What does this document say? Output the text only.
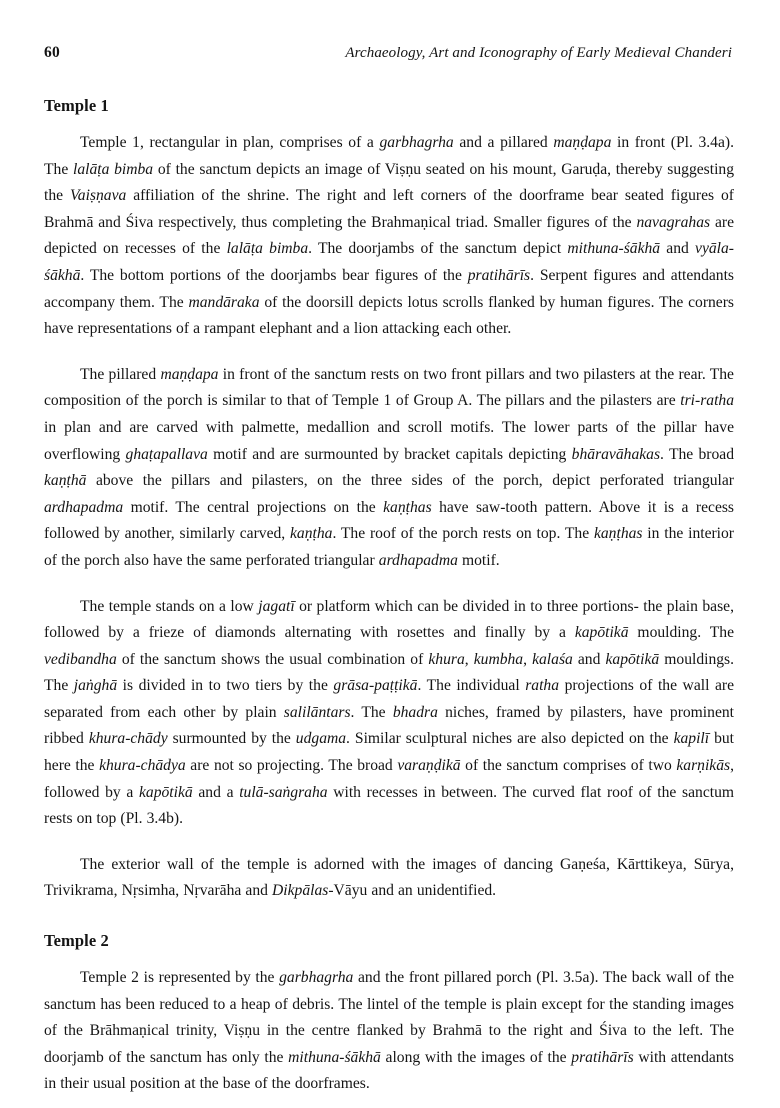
60	Archaeology, Art and Iconography of Early Medieval Chanderi
Temple 1

Temple 1, rectangular in plan, comprises of a garbhagrha and a pillared maṇḍapa in front (Pl. 3.4a). The lalāṭa bimba of the sanctum depicts an image of Viṣṇu seated on his mount, Garuḍa, thereby suggesting the Vaiṣṇava affiliation of the shrine. The right and left corners of the doorframe bear seated figures of Brahmā and Śiva respectively, thus completing the Brahmaṇical triad. Smaller figures of the navagrahas are depicted on recesses of the lalāṭa bimba. The doorjambs of the sanctum depict mithuna-śākhā and vyāla-śākhā. The bottom portions of the doorjambs bear figures of the pratihārīs. Serpent figures and attendants accompany them. The mandāraka of the doorsill depicts lotus scrolls flanked by human figures. The corners have representations of a rampant elephant and a lion attacking each other.

The pillared maṇḍapa in front of the sanctum rests on two front pillars and two pilasters at the rear. The composition of the porch is similar to that of Temple 1 of Group A. The pillars and the pilasters are tri-ratha in plan and are carved with palmette, medallion and scroll motifs. The lower parts of the pillar have overflowing ghaṭapallava motif and are surmounted by bracket capitals depicting bhāravāhakas. The broad kaṇṭhā above the pillars and pilasters, on the three sides of the porch, depict perforated triangular ardhapadma motif. The central projections on the kaṇṭhas have saw-tooth pattern. Above it is a recess followed by another, similarly carved, kaṇṭha. The roof of the porch rests on top. The kaṇṭhas in the interior of the porch also have the same perforated triangular ardhapadma motif.

The temple stands on a low jagatī or platform which can be divided in to three portions- the plain base, followed by a frieze of diamonds alternating with rosettes and finally by a kapōtikā moulding. The vedibandha of the sanctum shows the usual combination of khura, kumbha, kalaśa and kapōtikā mouldings. The jaṅghā is divided in to two tiers by the grāsa-paṭṭikā. The individual ratha projections of the wall are separated from each other by plain salilāntars. The bhadra niches, framed by pilasters, have prominent ribbed khura-chādy surmounted by the udgama. Similar sculptural niches are also depicted on the kapilī but here the khura-chādya are not so projecting. The broad varaṇḍikā of the sanctum comprises of two karṇikās, followed by a kapōtikā and a tulā-saṅgraha with recesses in between. The curved flat roof of the sanctum rests on top (Pl. 3.4b).

The exterior wall of the temple is adorned with the images of dancing Gaṇeśa, Kārttikeya, Sūrya, Trivikrama, Nṛsimha, Nṛvarāha and Dikpālas-Vāyu and an unidentified.

Temple 2

Temple 2 is represented by the garbhagrha and the front pillared porch (Pl. 3.5a). The back wall of the sanctum has been reduced to a heap of debris. The lintel of the temple is plain except for the standing images of the Brāhmaṇical trinity, Viṣṇu in the centre flanked by Brahmā to the right and Śiva to the left. The doorjamb of the sanctum has only the mithuna-śākhā along with the images of the pratihārīs with attendants in their usual position at the base of the doorframes.
